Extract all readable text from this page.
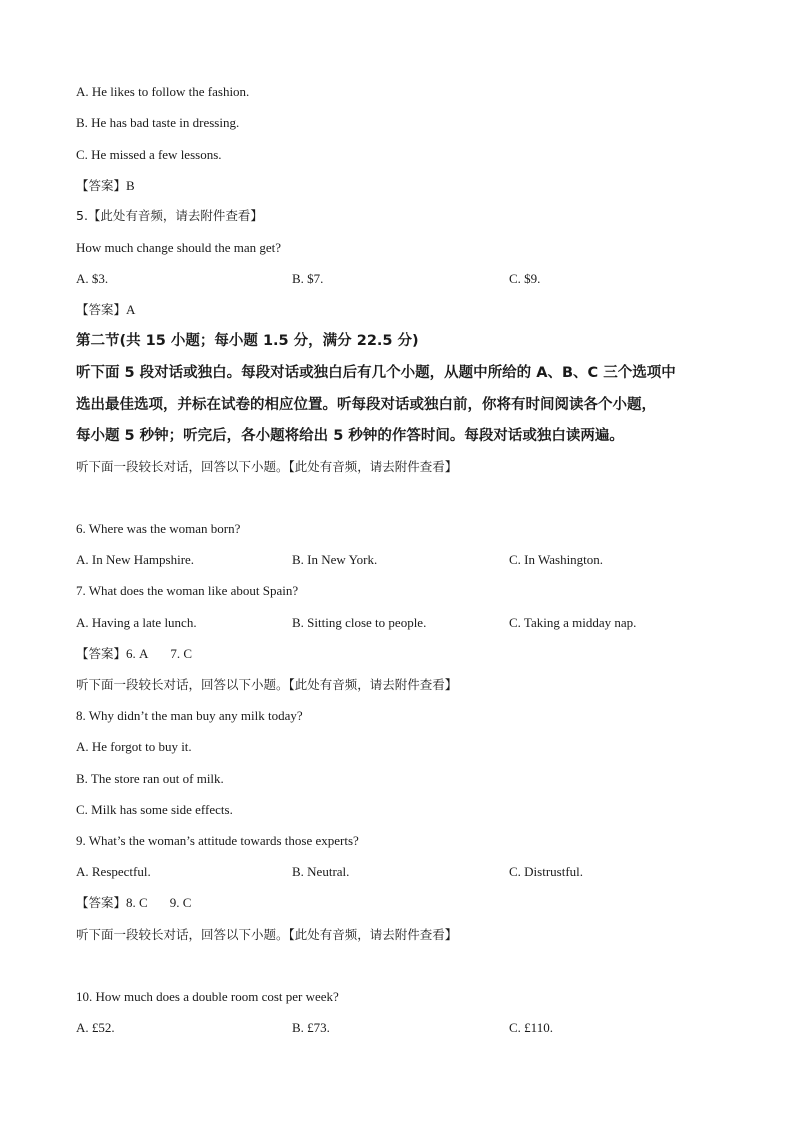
A. He likes to follow the fashion.
B. He has bad taste in dressing.
C. He missed a few lessons.
【答案】B
5.【此处有音频，请去附件查看】
How much change should the man get?
A. $3.	B. $7.	C. $9.
【答案】A
第二节(共 15 小题；每小题 1.5 分，满分 22.5 分)
听下面 5 段对话或独白。每段对话或独白后有几个小题，从题中所给的 A、B、C 三个选项中
选出最佳选项，并标在试卷的相应位置。听每段对话或独白前，你将有时间阅读各个小题，
每小题 5 秒钟；听完后，各小题将给出 5 秒钟的作答时间。每段对话或独白读两遍。
听下面一段较长对话，回答以下小题。【此处有音频，请去附件查看】
6. Where was the woman born?
A. In New Hampshire.	B. In New York.	C. In Washington.
7. What does the woman like about Spain?
A. Having a late lunch.	B. Sitting close to people.	C. Taking a midday nap.
【答案】6. A 7. C
听下面一段较长对话，回答以下小题。【此处有音频，请去附件查看】
8. Why didn’t the man buy any milk today?
A. He forgot to buy it.
B. The store ran out of milk.
C. Milk has some side effects.
9. What’s the woman’s attitude towards those experts?
A. Respectful.	B. Neutral.	C. Distrustful.
【答案】8. C 9. C
听下面一段较长对话，回答以下小题。【此处有音频，请去附件查看】
10. How much does a double room cost per week?
A. £52.	B. £73.	C. £110.
